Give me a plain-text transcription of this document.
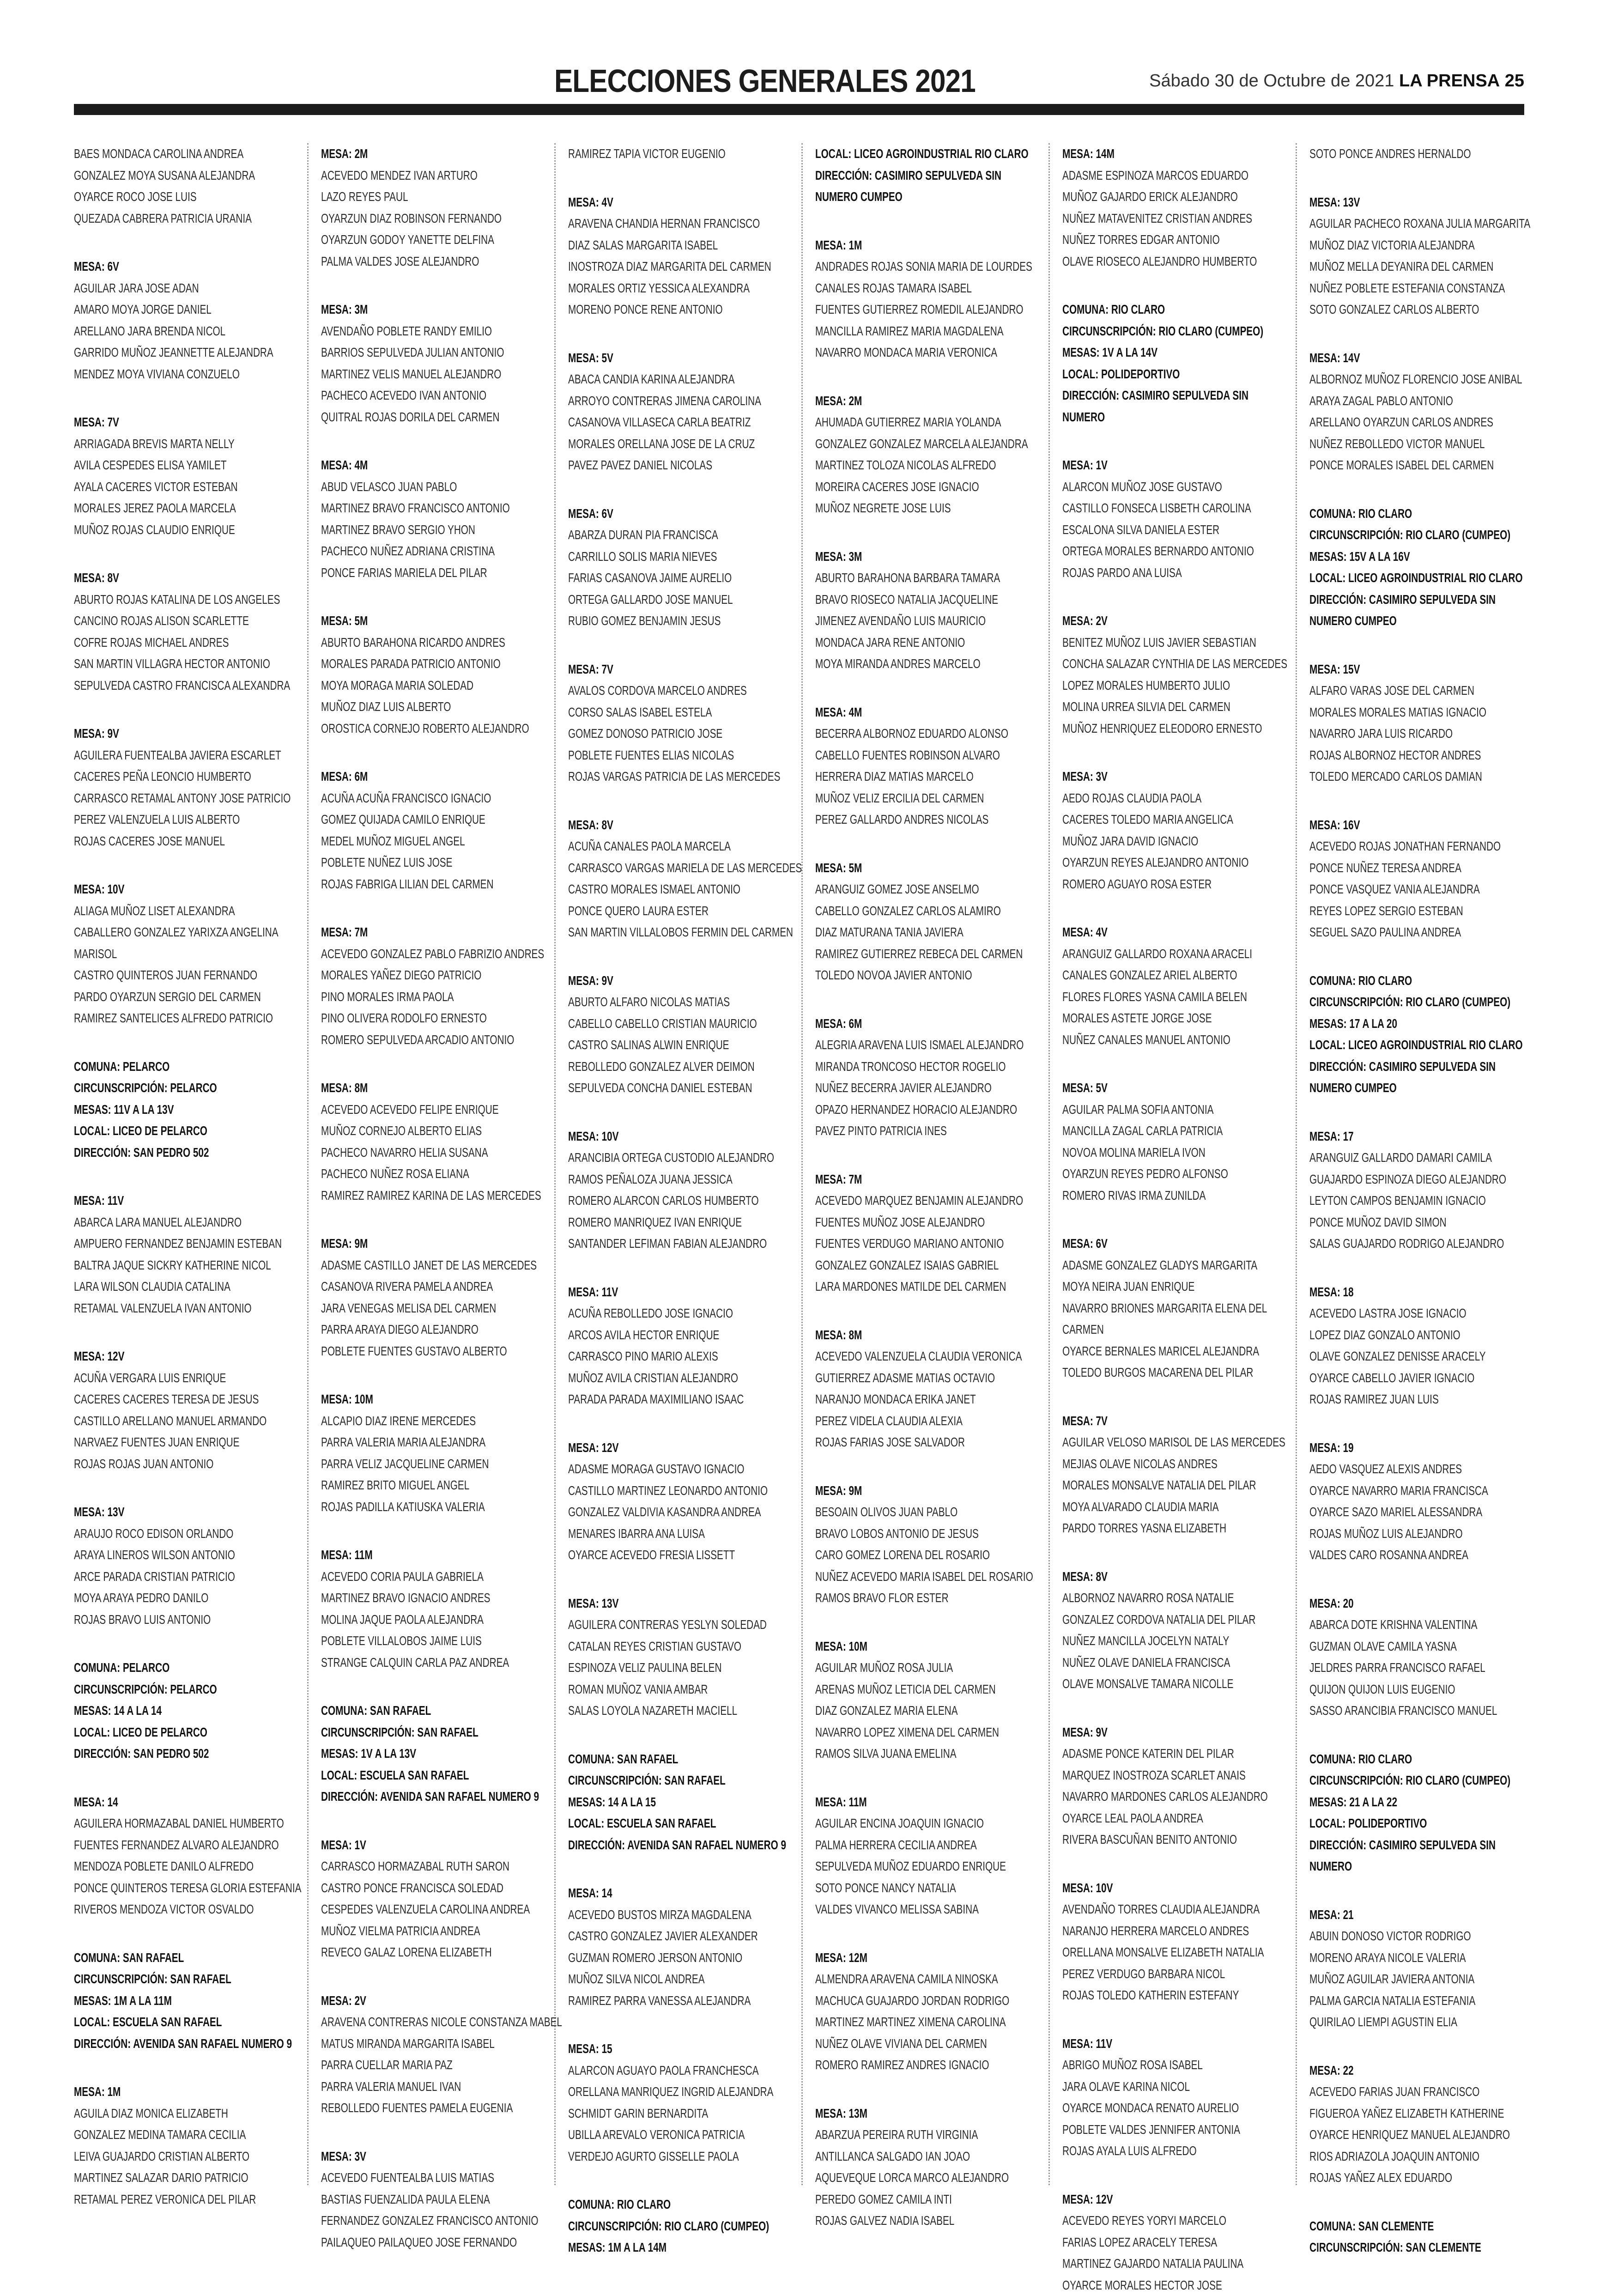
ELECCIONES GENERALES 2021	Sábado 30 de Octubre de 2021 LA PRENSA 25
BAES MONDACA CAROLINA ANDREA
GONZALEZ MOYA SUSANA ALEJANDRA
OYARCE ROCO JOSE LUIS
QUEZADA CABRERA PATRICIA URANIA
MESA: 6V
AGUILAR JARA JOSE ADAN
AMARO MOYA JORGE DANIEL
ARELLANO JARA BRENDA NICOL
GARRIDO MUÑOZ JEANNETTE ALEJANDRA
MENDEZ MOYA VIVIANA CONZUELO
MESA: 7V
ARRIAGADA BREVIS MARTA NELLY
AVILA CESPEDES ELISA YAMILET
AYALA CACERES VICTOR ESTEBAN
MORALES JEREZ PAOLA MARCELA
MUÑOZ ROJAS CLAUDIO ENRIQUE
MESA: 8V
ABURTO ROJAS KATALINA DE LOS ANGELES
CANCINO ROJAS ALISON SCARLETTE
COFRE ROJAS MICHAEL ANDRES
SAN MARTIN VILLAGRA HECTOR ANTONIO
SEPULVEDA CASTRO FRANCISCA ALEXANDRA
MESA: 9V
AGUILERA FUENTEALBA JAVIERA ESCARLET
CACERES PEÑA LEONCIO HUMBERTO
CARRASCO RETAMAL ANTONY JOSE PATRICIO
PEREZ VALENZUELA LUIS ALBERTO
ROJAS CACERES JOSE MANUEL
MESA: 10V
ALIAGA MUÑOZ LISET ALEXANDRA
CABALLERO GONZALEZ YARIXZA ANGELINA
MARISOL
CASTRO QUINTEROS JUAN FERNANDO
PARDO OYARZUN SERGIO DEL CARMEN
RAMIREZ SANTELICES ALFREDO PATRICIO
COMUNA: PELARCO
CIRCUNSCRIPCIÓN: PELARCO
MESAS: 11V A LA 13V
LOCAL: LICEO DE PELARCO
DIRECCIÓN: SAN PEDRO 502
MESA: 11V
ABARCA LARA MANUEL ALEJANDRO
AMPUERO FERNANDEZ BENJAMIN ESTEBAN
BALTRA JAQUE SICKRY KATHERINE NICOL
LARA WILSON CLAUDIA CATALINA
RETAMAL VALENZUELA IVAN ANTONIO
MESA: 12V
ACUÑA VERGARA LUIS ENRIQUE
CACERES CACERES TERESA DE JESUS
CASTILLO ARELLANO MANUEL ARMANDO
NARVAEZ FUENTES JUAN ENRIQUE
ROJAS ROJAS JUAN ANTONIO
MESA: 13V
ARAUJO ROCO EDISON ORLANDO
ARAYA LINEROS WILSON ANTONIO
ARCE PARADA CRISTIAN PATRICIO
MOYA ARAYA PEDRO DANILO
ROJAS BRAVO LUIS ANTONIO
COMUNA: PELARCO
CIRCUNSCRIPCIÓN: PELARCO
MESAS: 14 A LA 14
LOCAL: LICEO DE PELARCO
DIRECCIÓN: SAN PEDRO 502
MESA: 14
AGUILERA HORMAZABAL DANIEL HUMBERTO
FUENTES FERNANDEZ ALVARO ALEJANDRO
MENDOZA POBLETE DANILO ALFREDO
PONCE QUINTEROS TERESA GLORIA ESTEFANIA
RIVEROS MENDOZA VICTOR OSVALDO
COMUNA: SAN RAFAEL
CIRCUNSCRIPCIÓN: SAN RAFAEL
MESAS: 1M A LA 11M
LOCAL: ESCUELA SAN RAFAEL
DIRECCIÓN: AVENIDA SAN RAFAEL NUMERO 9
MESA: 1M
AGUILA DIAZ MONICA ELIZABETH
GONZALEZ MEDINA TAMARA CECILIA
LEIVA GUAJARDO CRISTIAN ALBERTO
MARTINEZ SALAZAR DARIO PATRICIO
RETAMAL PEREZ VERONICA DEL PILAR
MESA: 2M
ACEVEDO MENDEZ IVAN ARTURO
LAZO REYES PAUL
OYARZUN DIAZ ROBINSON FERNANDO
OYARZUN GODOY YANETTE DELFINA
PALMA VALDES JOSE ALEJANDRO
MESA: 3M
AVENDAÑO POBLETE RANDY EMILIO
BARRIOS SEPULVEDA JULIAN ANTONIO
MARTINEZ VELIS MANUEL ALEJANDRO
PACHECO ACEVEDO IVAN ANTONIO
QUITRAL ROJAS DORILA DEL CARMEN
MESA: 4M
ABUD VELASCO JUAN PABLO
MARTINEZ BRAVO FRANCISCO ANTONIO
MARTINEZ BRAVO SERGIO YHON
PACHECO NUÑEZ ADRIANA CRISTINA
PONCE FARIAS MARIELA DEL PILAR
MESA: 5M
ABURTO BARAHONA RICARDO ANDRES
MORALES PARADA PATRICIO ANTONIO
MOYA MORAGA MARIA SOLEDAD
MUÑOZ DIAZ LUIS ALBERTO
OROSTICA CORNEJO ROBERTO ALEJANDRO
MESA: 6M
ACUÑA ACUÑA FRANCISCO IGNACIO
GOMEZ QUIJADA CAMILO ENRIQUE
MEDEL MUÑOZ MIGUEL ANGEL
POBLETE NUÑEZ LUIS JOSE
ROJAS FABRIGA LILIAN DEL CARMEN
MESA: 7M
ACEVEDO GONZALEZ PABLO FABRIZIO ANDRES
MORALES YAÑEZ DIEGO PATRICIO
PINO MORALES IRMA PAOLA
PINO OLIVERA RODOLFO ERNESTO
ROMERO SEPULVEDA ARCADIO ANTONIO
MESA: 8M
ACEVEDO ACEVEDO FELIPE ENRIQUE
MUÑOZ CORNEJO ALBERTO ELIAS
PACHECO NAVARRO HELIA SUSANA
PACHECO NUÑEZ ROSA ELIANA
RAMIREZ RAMIREZ KARINA DE LAS MERCEDES
MESA: 9M
ADASME CASTILLO JANET DE LAS MERCEDES
CASANOVA RIVERA PAMELA ANDREA
JARA VENEGAS MELISA DEL CARMEN
PARRA ARAYA DIEGO ALEJANDRO
POBLETE FUENTES GUSTAVO ALBERTO
MESA: 10M
ALCAPIO DIAZ IRENE MERCEDES
PARRA VALERIA MARIA ALEJANDRA
PARRA VELIZ JACQUELINE CARMEN
RAMIREZ BRITO MIGUEL ANGEL
ROJAS PADILLA KATIUSKA VALERIA
MESA: 11M
ACEVEDO CORIA PAULA GABRIELA
MARTINEZ BRAVO IGNACIO ANDRES
MOLINA JAQUE PAOLA ALEJANDRA
POBLETE VILLALOBOS JAIME LUIS
STRANGE CALQUIN CARLA PAZ ANDREA
COMUNA: SAN RAFAEL
CIRCUNSCRIPCIÓN: SAN RAFAEL
MESAS: 1V A LA 13V
LOCAL: ESCUELA SAN RAFAEL
DIRECCIÓN: AVENIDA SAN RAFAEL NUMERO 9
MESA: 1V
CARRASCO HORMAZABAL RUTH SARON
CASTRO PONCE FRANCISCA SOLEDAD
CESPEDES VALENZUELA CAROLINA ANDREA
MUÑOZ VIELMA PATRICIA ANDREA
REVECO GALAZ LORENA ELIZABETH
MESA: 2V
ARAVENA CONTRERAS NICOLE CONSTANZA MABEL
MATUS MIRANDA MARGARITA ISABEL
PARRA CUELLAR MARIA PAZ
PARRA VALERIA MANUEL IVAN
REBOLLEDO FUENTES PAMELA EUGENIA
MESA: 3V
ACEVEDO FUENTEALBA LUIS MATIAS
BASTIAS FUENZALIDA PAULA ELENA
FERNANDEZ GONZALEZ FRANCISCO ANTONIO
PAILAQUEO PAILAQUEO JOSE FERNANDO
RAMIREZ TAPIA VICTOR EUGENIO
MESA: 4V
ARAVENA CHANDIA HERNAN FRANCISCO
DIAZ SALAS MARGARITA ISABEL
INOSTROZA DIAZ MARGARITA DEL CARMEN
MORALES ORTIZ YESSICA ALEXANDRA
MORENO PONCE RENE ANTONIO
MESA: 5V
ABACA CANDIA KARINA ALEJANDRA
ARROYO CONTRERAS JIMENA CAROLINA
CASANOVA VILLASECA CARLA BEATRIZ
MORALES ORELLANA JOSE DE LA CRUZ
PAVEZ PAVEZ DANIEL NICOLAS
MESA: 6V
ABARZA DURAN PIA FRANCISCA
CARRILLO SOLIS MARIA NIEVES
FARIAS CASANOVA JAIME AURELIO
ORTEGA GALLARDO JOSE MANUEL
RUBIO GOMEZ BENJAMIN JESUS
MESA: 7V
AVALOS CORDOVA MARCELO ANDRES
CORSO SALAS ISABEL ESTELA
GOMEZ DONOSO PATRICIO JOSE
POBLETE FUENTES ELIAS NICOLAS
ROJAS VARGAS PATRICIA DE LAS MERCEDES
MESA: 8V
ACUÑA CANALES PAOLA MARCELA
CARRASCO VARGAS MARIELA DE LAS MERCEDES
CASTRO MORALES ISMAEL ANTONIO
PONCE QUERO LAURA ESTER
SAN MARTIN VILLALOBOS FERMIN DEL CARMEN
MESA: 9V
ABURTO ALFARO NICOLAS MATIAS
CABELLO CABELLO CRISTIAN MAURICIO
CASTRO SALINAS ALWIN ENRIQUE
REBOLLEDO GONZALEZ ALVER DEIMON
SEPULVEDA CONCHA DANIEL ESTEBAN
MESA: 10V
ARANCIBIA ORTEGA CUSTODIO ALEJANDRO
RAMOS PEÑALOZA JUANA JESSICA
ROMERO ALARCON CARLOS HUMBERTO
ROMERO MANRIQUEZ IVAN ENRIQUE
SANTANDER LEFIMAN FABIAN ALEJANDRO
MESA: 11V
ACUÑA REBOLLEDO JOSE IGNACIO
ARCOS AVILA HECTOR ENRIQUE
CARRASCO PINO MARIO ALEXIS
MUÑOZ AVILA CRISTIAN ALEJANDRO
PARADA PARADA MAXIMILIANO ISAAC
MESA: 12V
ADASME MORAGA GUSTAVO IGNACIO
CASTILLO MARTINEZ LEONARDO ANTONIO
GONZALEZ VALDIVIA KASANDRA ANDREA
MENARES IBARRA ANA LUISA
OYARCE ACEVEDO FRESIA LISSETT
MESA: 13V
AGUILERA CONTRERAS YESLYN SOLEDAD
CATALAN REYES CRISTIAN GUSTAVO
ESPINOZA VELIZ PAULINA BELEN
ROMAN MUÑOZ VANIA AMBAR
SALAS LOYOLA NAZARETH MACIELL
COMUNA: SAN RAFAEL
CIRCUNSCRIPCIÓN: SAN RAFAEL
MESAS: 14 A LA 15
LOCAL: ESCUELA SAN RAFAEL
DIRECCIÓN: AVENIDA SAN RAFAEL NUMERO 9
MESA: 14
ACEVEDO BUSTOS MIRZA MAGDALENA
CASTRO GONZALEZ JAVIER ALEXANDER
GUZMAN ROMERO JERSON ANTONIO
MUÑOZ SILVA NICOL ANDREA
RAMIREZ PARRA VANESSA ALEJANDRA
MESA: 15
ALARCON AGUAYO PAOLA FRANCHESCA
ORELLANA MANRIQUEZ INGRID ALEJANDRA
SCHMIDT GARIN BERNARDITA
UBILLA AREVALO VERONICA PATRICIA
VERDEJO AGURTO GISSELLE PAOLA
COMUNA: RIO CLARO
CIRCUNSCRIPCIÓN: RIO CLARO (CUMPEO)
MESAS: 1M A LA 14M
LOCAL: LICEO AGROINDUSTRIAL RIO CLARO
DIRECCIÓN: CASIMIRO SEPULVEDA SIN
NUMERO CUMPEO
MESA: 1M
ANDRADES ROJAS SONIA MARIA DE LOURDES
CANALES ROJAS TAMARA ISABEL
FUENTES GUTIERREZ ROMEDIL ALEJANDRO
MANCILLA RAMIREZ MARIA MAGDALENA
NAVARRO MONDACA MARIA VERONICA
MESA: 2M
AHUMADA GUTIERREZ MARIA YOLANDA
GONZALEZ GONZALEZ MARCELA ALEJANDRA
MARTINEZ TOLOZA NICOLAS ALFREDO
MOREIRA CACERES JOSE IGNACIO
MUÑOZ NEGRETE JOSE LUIS
MESA: 3M
ABURTO BARAHONA BARBARA TAMARA
BRAVO RIOSECO NATALIA JACQUELINE
JIMENEZ AVENDAÑO LUIS MAURICIO
MONDACA JARA RENE ANTONIO
MOYA MIRANDA ANDRES MARCELO
MESA: 4M
BECERRA ALBORNOZ EDUARDO ALONSO
CABELLO FUENTES ROBINSON ALVARO
HERRERA DIAZ MATIAS MARCELO
MUÑOZ VELIZ ERCILIA DEL CARMEN
PEREZ GALLARDO ANDRES NICOLAS
MESA: 5M
ARANGUIZ GOMEZ JOSE ANSELMO
CABELLO GONZALEZ CARLOS ALAMIRO
DIAZ MATURANA TANIA JAVIERA
RAMIREZ GUTIERREZ REBECA DEL CARMEN
TOLEDO NOVOA JAVIER ANTONIO
MESA: 6M
ALEGRIA ARAVENA LUIS ISMAEL ALEJANDRO
MIRANDA TRONCOSO HECTOR ROGELIO
NUÑEZ BECERRA JAVIER ALEJANDRO
OPAZO HERNANDEZ HORACIO ALEJANDRO
PAVEZ PINTO PATRICIA INES
MESA: 7M
ACEVEDO MARQUEZ BENJAMIN ALEJANDRO
FUENTES MUÑOZ JOSE ALEJANDRO
FUENTES VERDUGO MARIANO ANTONIO
GONZALEZ GONZALEZ ISAIAS GABRIEL
LARA MARDONES MATILDE DEL CARMEN
MESA: 8M
ACEVEDO VALENZUELA CLAUDIA VERONICA
GUTIERREZ ADASME MATIAS OCTAVIO
NARANJO MONDACA ERIKA JANET
PEREZ VIDELA CLAUDIA ALEXIA
ROJAS FARIAS JOSE SALVADOR
MESA: 9M
BESOAIN OLIVOS JUAN PABLO
BRAVO LOBOS ANTONIO DE JESUS
CARO GOMEZ LORENA DEL ROSARIO
NUÑEZ ACEVEDO MARIA ISABEL DEL ROSARIO
RAMOS BRAVO FLOR ESTER
MESA: 10M
AGUILAR MUÑOZ ROSA JULIA
ARENAS MUÑOZ LETICIA DEL CARMEN
DIAZ GONZALEZ MARIA ELENA
NAVARRO LOPEZ XIMENA DEL CARMEN
RAMOS SILVA JUANA EMELINA
MESA: 11M
AGUILAR ENCINA JOAQUIN IGNACIO
PALMA HERRERA CECILIA ANDREA
SEPULVEDA MUÑOZ EDUARDO ENRIQUE
SOTO PONCE NANCY NATALIA
VALDES VIVANCO MELISSA SABINA
MESA: 12M
ALMENDRA ARAVENA CAMILA NINOSKA
MACHUCA GUAJARDO JORDAN RODRIGO
MARTINEZ MARTINEZ XIMENA CAROLINA
NUÑEZ OLAVE VIVIANA DEL CARMEN
ROMERO RAMIREZ ANDRES IGNACIO
MESA: 13M
ABARZUA PEREIRA RUTH VIRGINIA
ANTILLANCA SALGADO IAN JOAO
AQUEVEQUE LORCA MARCO ALEJANDRO
PEREDO GOMEZ CAMILA INTI
ROJAS GALVEZ NADIA ISABEL
MESA: 14M
ADASME ESPINOZA MARCOS EDUARDO
MUÑOZ GAJARDO ERICK ALEJANDRO
NUÑEZ MATAVENITEZ CRISTIAN ANDRES
NUÑEZ TORRES EDGAR ANTONIO
OLAVE RIOSECO ALEJANDRO HUMBERTO
COMUNA: RIO CLARO
CIRCUNSCRIPCIÓN: RIO CLARO (CUMPEO)
MESAS: 1V A LA 14V
LOCAL: POLIDEPORTIVO
DIRECCIÓN: CASIMIRO SEPULVEDA SIN
NUMERO
MESA: 1V
ALARCON MUÑOZ JOSE GUSTAVO
CASTILLO FONSECA LISBETH CAROLINA
ESCALONA SILVA DANIELA ESTER
ORTEGA MORALES BERNARDO ANTONIO
ROJAS PARDO ANA LUISA
MESA: 2V
BENITEZ MUÑOZ LUIS JAVIER SEBASTIAN
CONCHA SALAZAR CYNTHIA DE LAS MERCEDES
LOPEZ MORALES HUMBERTO JULIO
MOLINA URREA SILVIA DEL CARMEN
MUÑOZ HENRIQUEZ ELEODORO ERNESTO
MESA: 3V
AEDO ROJAS CLAUDIA PAOLA
CACERES TOLEDO MARIA ANGELICA
MUÑOZ JARA DAVID IGNACIO
OYARZUN REYES ALEJANDRO ANTONIO
ROMERO AGUAYO ROSA ESTER
MESA: 4V
ARANGUIZ GALLARDO ROXANA ARACELI
CANALES GONZALEZ ARIEL ALBERTO
FLORES FLORES YASNA CAMILA BELEN
MORALES ASTETE JORGE JOSE
NUÑEZ CANALES MANUEL ANTONIO
MESA: 5V
AGUILAR PALMA SOFIA ANTONIA
MANCILLA ZAGAL CARLA PATRICIA
NOVOA MOLINA MARIELA IVON
OYARZUN REYES PEDRO ALFONSO
ROMERO RIVAS IRMA ZUNILDA
MESA: 6V
ADASME GONZALEZ GLADYS MARGARITA
MOYA NEIRA JUAN ENRIQUE
NAVARRO BRIONES MARGARITA ELENA DEL
CARMEN
OYARCE BERNALES MARICEL ALEJANDRA
TOLEDO BURGOS MACARENA DEL PILAR
MESA: 7V
AGUILAR VELOSO MARISOL DE LAS MERCEDES
MEJIAS OLAVE NICOLAS ANDRES
MORALES MONSALVE NATALIA DEL PILAR
MOYA ALVARADO CLAUDIA MARIA
PARDO TORRES YASNA ELIZABETH
MESA: 8V
ALBORNOZ NAVARRO ROSA NATALIE
GONZALEZ CORDOVA NATALIA DEL PILAR
NUÑEZ MANCILLA JOCELYN NATALY
NUÑEZ OLAVE DANIELA FRANCISCA
OLAVE MONSALVE TAMARA NICOLLE
MESA: 9V
ADASME PONCE KATERIN DEL PILAR
MARQUEZ INOSTROZA SCARLET ANAIS
NAVARRO MARDONES CARLOS ALEJANDRO
OYARCE LEAL PAOLA ANDREA
RIVERA BASCUÑAN BENITO ANTONIO
MESA: 10V
AVENDAÑO TORRES CLAUDIA ALEJANDRA
NARANJO HERRERA MARCELO ANDRES
ORELLANA MONSALVE ELIZABETH NATALIA
PEREZ VERDUGO BARBARA NICOL
ROJAS TOLEDO KATHERIN ESTEFANY
MESA: 11V
ABRIGO MUÑOZ ROSA ISABEL
JARA OLAVE KARINA NICOL
OYARCE MONDACA RENATO AURELIO
POBLETE VALDES JENNIFER ANTONIA
ROJAS AYALA LUIS ALFREDO
MESA: 12V
ACEVEDO REYES YORYI MARCELO
FARIAS LOPEZ ARACELY TERESA
MARTINEZ GAJARDO NATALIA PAULINA
OYARCE MORALES HECTOR JOSE
SOTO PONCE ANDRES HERNALDO
MESA: 13V
AGUILAR PACHECO ROXANA JULIA MARGARITA
MUÑOZ DIAZ VICTORIA ALEJANDRA
MUÑOZ MELLA DEYANIRA DEL CARMEN
NUÑEZ POBLETE ESTEFANIA CONSTANZA
SOTO GONZALEZ CARLOS ALBERTO
MESA: 14V
ALBORNOZ MUÑOZ FLORENCIO JOSE ANIBAL
ARAYA ZAGAL PABLO ANTONIO
ARELLANO OYARZUN CARLOS ANDRES
NUÑEZ REBOLLEDO VICTOR MANUEL
PONCE MORALES ISABEL DEL CARMEN
COMUNA: RIO CLARO
CIRCUNSCRIPCIÓN: RIO CLARO (CUMPEO)
MESAS: 15V A LA 16V
LOCAL: LICEO AGROINDUSTRIAL RIO CLARO
DIRECCIÓN: CASIMIRO SEPULVEDA SIN
NUMERO CUMPEO
MESA: 15V
ALFARO VARAS JOSE DEL CARMEN
MORALES MORALES MATIAS IGNACIO
NAVARRO JARA LUIS RICARDO
ROJAS ALBORNOZ HECTOR ANDRES
TOLEDO MERCADO CARLOS DAMIAN
MESA: 16V
ACEVEDO ROJAS JONATHAN FERNANDO
PONCE NUÑEZ TERESA ANDREA
PONCE VASQUEZ VANIA ALEJANDRA
REYES LOPEZ SERGIO ESTEBAN
SEGUEL SAZO PAULINA ANDREA
COMUNA: RIO CLARO
CIRCUNSCRIPCIÓN: RIO CLARO (CUMPEO)
MESAS: 17 A LA 20
LOCAL: LICEO AGROINDUSTRIAL RIO CLARO
DIRECCIÓN: CASIMIRO SEPULVEDA SIN
NUMERO CUMPEO
MESA: 17
ARANGUIZ GALLARDO DAMARI CAMILA
GUAJARDO ESPINOZA DIEGO ALEJANDRO
LEYTON CAMPOS BENJAMIN IGNACIO
PONCE MUÑOZ DAVID SIMON
SALAS GUAJARDO RODRIGO ALEJANDRO
MESA: 18
ACEVEDO LASTRA JOSE IGNACIO
LOPEZ DIAZ GONZALO ANTONIO
OLAVE GONZALEZ DENISSE ARACELY
OYARCE CABELLO JAVIER IGNACIO
ROJAS RAMIREZ JUAN LUIS
MESA: 19
AEDO VASQUEZ ALEXIS ANDRES
OYARCE NAVARRO MARIA FRANCISCA
OYARCE SAZO MARIEL ALESSANDRA
ROJAS MUÑOZ LUIS ALEJANDRO
VALDES CARO ROSANNA ANDREA
MESA: 20
ABARCA DOTE KRISHNA VALENTINA
GUZMAN OLAVE CAMILA YASNA
JELDRES PARRA FRANCISCO RAFAEL
QUIJON QUIJON LUIS EUGENIO
SASSO ARANCIBIA FRANCISCO MANUEL
COMUNA: RIO CLARO
CIRCUNSCRIPCIÓN: RIO CLARO (CUMPEO)
MESAS: 21 A LA 22
LOCAL: POLIDEPORTIVO
DIRECCIÓN: CASIMIRO SEPULVEDA SIN
NUMERO
MESA: 21
ABUIN DONOSO VICTOR RODRIGO
MORENO ARAYA NICOLE VALERIA
MUÑOZ AGUILAR JAVIERA ANTONIA
PALMA GARCIA NATALIA ESTEFANIA
QUIRILAO LIEMPI AGUSTIN ELIA
MESA: 22
ACEVEDO FARIAS JUAN FRANCISCO
FIGUEROA YAÑEZ ELIZABETH KATHERINE
OYARCE HENRIQUEZ MANUEL ALEJANDRO
RIOS ADRIAZOLA JOAQUIN ANTONIO
ROJAS YAÑEZ ALEX EDUARDO
COMUNA: SAN CLEMENTE
CIRCUNSCRIPCIÓN: SAN CLEMENTE
